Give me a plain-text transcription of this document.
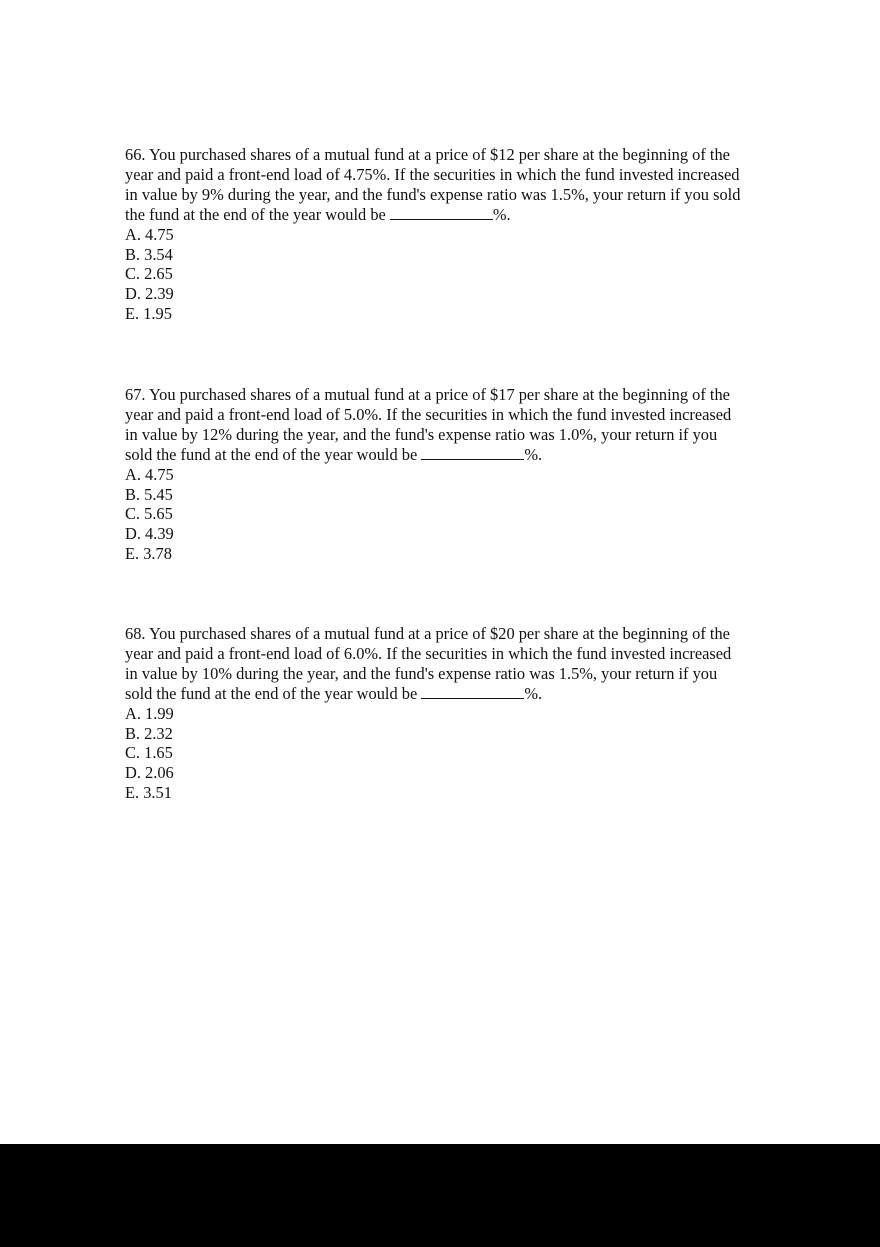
66. You purchased shares of a mutual fund at a price of $12 per share at the beginning of the
year and paid a front-end load of 4.75%. If the securities in which the fund invested increased
in value by 9% during the year, and the fund's expense ratio was 1.5%, your return if you sold
the fund at the end of the year would be	%.
A. 4.75
B. 3.54
C. 2.65
D. 2.39
E. 1.95
67. You purchased shares of a mutual fund at a price of $17 per share at the beginning of the
year and paid a front-end load of 5.0%. If the securities in which the fund invested increased
in value by 12% during the year, and the fund's expense ratio was 1.0%, your return if you
sold the fund at the end of the year would be	%.
A. 4.75
B. 5.45
C. 5.65
D. 4.39
E. 3.78
68. You purchased shares of a mutual fund at a price of $20 per share at the beginning of the
year and paid a front-end load of 6.0%. If the securities in which the fund invested increased
in value by 10% during the year, and the fund's expense ratio was 1.5%, your return if you
sold the fund at the end of the year would be	%.
A. 1.99
B. 2.32
C. 1.65
D. 2.06
E. 3.51
